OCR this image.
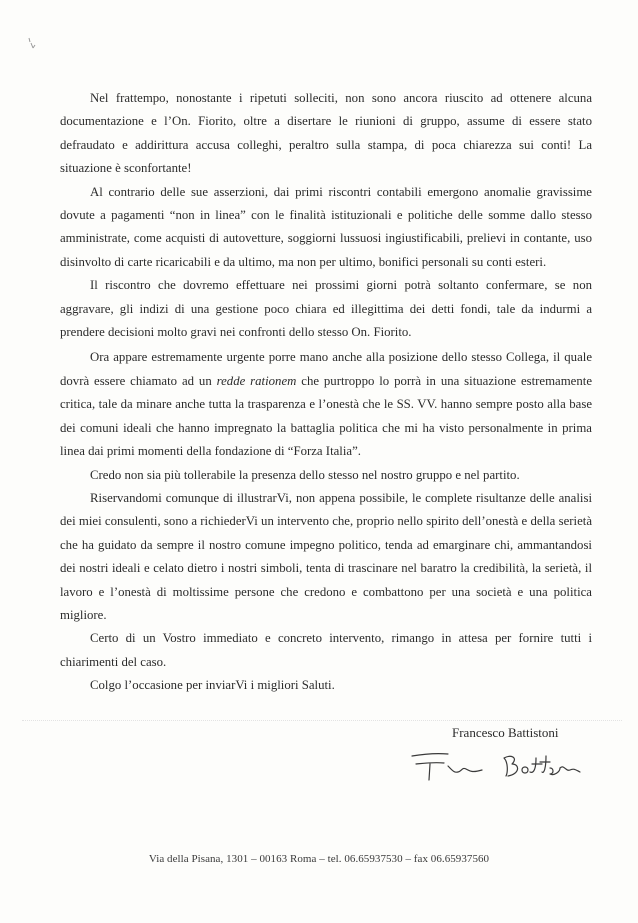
Nel frattempo, nonostante i ripetuti solleciti, non sono ancora riuscito ad ottenere alcuna documentazione e l’On. Fiorito, oltre a disertare le riunioni di gruppo, assume di essere stato defraudato e addirittura accusa colleghi, peraltro sulla stampa, di poca chiarezza sui conti! La situazione è sconfortante!

Al contrario delle sue asserzioni, dai primi riscontri contabili emergono anomalie gravissime dovute a pagamenti “non in linea” con le finalità istituzionali e politiche delle somme dallo stesso amministrate, come acquisti di autovetture, soggiorni lussuosi ingiustificabili, prelievi in contante, uso disinvolto di carte ricaricabili e da ultimo, ma non per ultimo, bonifici personali su conti esteri.

Il riscontro che dovremo effettuare nei prossimi giorni potrà soltanto confermare, se non aggravare, gli indizi di una gestione poco chiara ed illegittima dei detti fondi, tale da indurmi a prendere decisioni molto gravi nei confronti dello stesso On. Fiorito.

Ora appare estremamente urgente porre mano anche alla posizione dello stesso Collega, il quale dovrà essere chiamato ad un redde rationem che purtroppo lo porrà in una situazione estremamente critica, tale da minare anche tutta la trasparenza e l’onestà che le SS. VV. hanno sempre posto alla base dei comuni ideali che hanno impregnato la battaglia politica che mi ha visto personalmente in prima linea dai primi momenti della fondazione di “Forza Italia”.

Credo non sia più tollerabile la presenza dello stesso nel nostro gruppo e nel partito.

Riservandomi comunque di illustrarVi, non appena possibile, le complete risultanze delle analisi dei miei consulenti, sono a richiederVi un intervento che, proprio nello spirito dell’onestà e della serietà che ha guidato da sempre il nostro comune impegno politico, tenda ad emarginare chi, ammantandosi dei nostri ideali e celato dietro i nostri simboli, tenta di trascinare nel baratro la credibilità, la serietà, il lavoro e l’onestà di moltissime persone che credono e combattono per una società e una politica migliore.

Certo di un Vostro immediato e concreto intervento, rimango in attesa per fornire tutti i chiarimenti del caso.

Colgo l’occasione per inviarVi i migliori Saluti.

Francesco Battistoni
Via della Pisana, 1301 – 00163 Roma – tel. 06.65937530 – fax 06.65937560
